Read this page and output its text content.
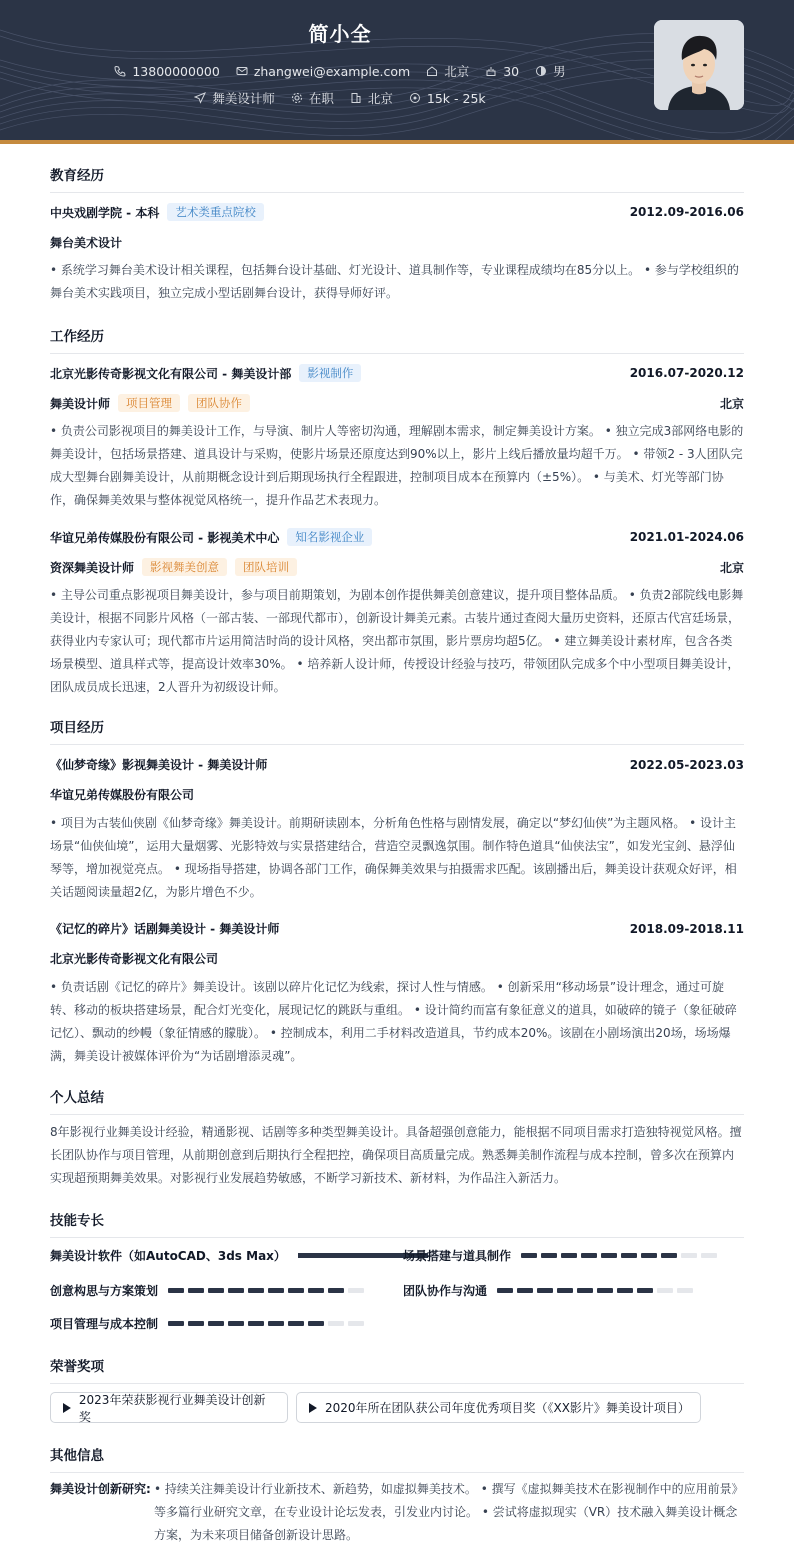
简小全
13800000000	zhangwei@example.com	北京	30	男
舞美设计师	在职	北京	15k - 25k
教育经历
中央戏剧学院 - 本科	艺术类重点院校	2012.09-2016.06
舞台美术设计
• 系统学习舞台美术设计相关课程，包括舞台设计基础、灯光设计、道具制作等，专业课程成绩均在85分以上。 • 参与学校组织的舞台美术实践项目，独立完成小型话剧舞台设计，获得导师好评。
工作经历
北京光影传奇影视文化有限公司 - 舞美设计部	影视制作	2016.07-2020.12
舞美设计师	项目管理	团队协作	北京
• 负责公司影视项目的舞美设计工作，与导演、制片人等密切沟通，理解剧本需求，制定舞美设计方案。 • 独立完成3部网络电影的舞美设计，包括场景搭建、道具设计与采购，使影片场景还原度达到90%以上，影片上线后播放量均超千万。 • 带领2 - 3人团队完成大型舞台剧舞美设计，从前期概念设计到后期现场执行全程跟进，控制项目成本在预算内（±5%）。 • 与美术、灯光等部门协作，确保舞美效果与整体视觉风格统一，提升作品艺术表现力。
华谊兄弟传媒股份有限公司 - 影视美术中心	知名影视企业	2021.01-2024.06
资深舞美设计师	影视舞美创意	团队培训	北京
• 主导公司重点影视项目舞美设计，参与项目前期策划，为剧本创作提供舞美创意建议，提升项目整体品质。 • 负责2部院线电影舞美设计，根据不同影片风格（一部古装、一部现代都市），创新设计舞美元素。古装片通过查阅大量历史资料，还原古代宫廷场景，获得业内专家认可；现代都市片运用简洁时尚的设计风格，突出都市氛围，影片票房均超5亿。 • 建立舞美设计素材库，包含各类场景模型、道具样式等，提高设计效率30%。 • 培养新人设计师，传授设计经验与技巧，带领团队完成多个中小型项目舞美设计，团队成员成长迅速，2人晋升为初级设计师。
项目经历
《仙梦奇缘》影视舞美设计 - 舞美设计师	2022.05-2023.03
华谊兄弟传媒股份有限公司
• 项目为古装仙侠剧《仙梦奇缘》舞美设计。前期研读剧本，分析角色性格与剧情发展，确定以“梦幻仙侠”为主题风格。 • 设计主场景“仙侠仙境”，运用大量烟雾、光影特效与实景搭建结合，营造空灵飘逸氛围。制作特色道具“仙侠法宝”，如发光宝剑、悬浮仙琴等，增加视觉亮点。 • 现场指导搭建，协调各部门工作，确保舞美效果与拍摄需求匹配。该剧播出后，舞美设计获观众好评，相关话题阅读量超2亿，为影片增色不少。
《记忆的碎片》话剧舞美设计 - 舞美设计师	2018.09-2018.11
北京光影传奇影视文化有限公司
• 负责话剧《记忆的碎片》舞美设计。该剧以碎片化记忆为线索，探讨人性与情感。 • 创新采用“移动场景”设计理念，通过可旋转、移动的板块搭建场景，配合灯光变化，展现记忆的跳跃与重组。 • 设计简约而富有象征意义的道具，如破碎的镜子（象征破碎记忆）、飘动的纱幔（象征情感的朦胧）。 • 控制成本，利用二手材料改造道具，节约成本20%。该剧在小剧场演出20场，场场爆满，舞美设计被媒体评价为“为话剧增添灵魂”。
个人总结
8年影视行业舞美设计经验，精通影视、话剧等多种类型舞美设计。具备超强创意能力，能根据不同项目需求打造独特视觉风格。擅长团队协作与项目管理，从前期创意到后期执行全程把控，确保项目高质量完成。熟悉舞美制作流程与成本控制，曾多次在预算内实现超预期舞美效果。对影视行业发展趋势敏感，不断学习新技术、新材料，为作品注入新活力。
技能专长
舞美设计软件（如AutoCAD、3ds Max）	场景搭建与道具制作
创意构思与方案策划	团队协作与沟通
项目管理与成本控制
荣誉奖项
2023年荣获影视行业舞美设计创新奖
2020年所在团队获公司年度优秀项目奖（《XX影片》舞美设计项目）
其他信息
舞美设计创新研究: • 持续关注舞美设计行业新技术、新趋势，如虚拟舞美技术。 • 撰写《虚拟舞美技术在影视制作中的应用前景》等多篇行业研究文章，在专业设计论坛发表，引发业内讨论。 • 尝试将虚拟现实（VR）技术融入舞美设计概念方案，为未来项目储备创新设计思路。
